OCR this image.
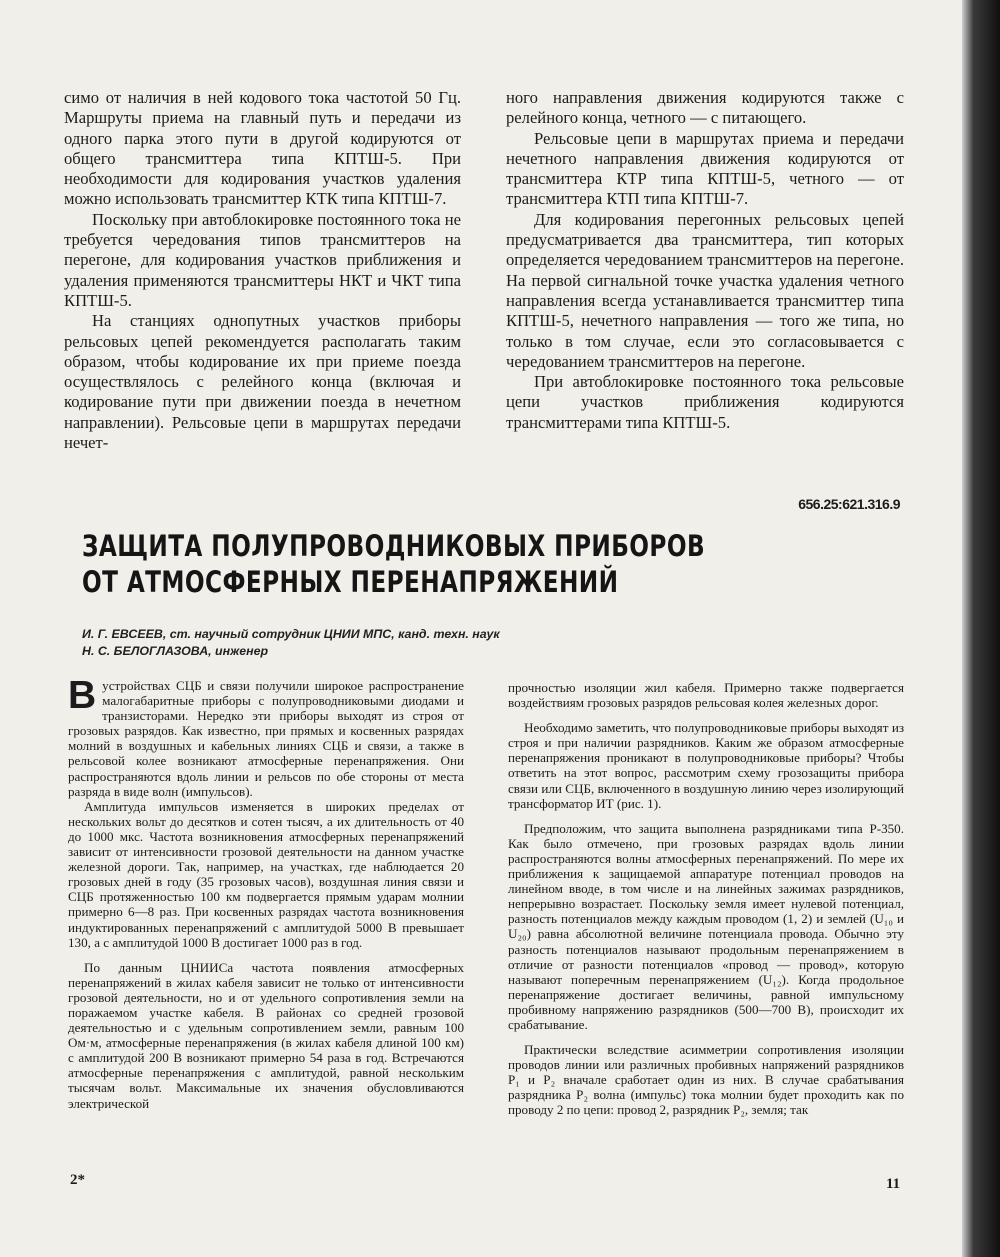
симо от наличия в ней кодового тока частотой 50 Гц. Маршруты приема на главный путь и передачи из одного парка этого пути в другой кодируются от общего трансмиттера типа КПТШ-5. При необходимости для кодирования участков удаления можно использовать трансмиттер КТК типа КПТШ-7.

Поскольку при автоблокировке постоянного тока не требуется чередования типов трансмиттеров на перегоне, для кодирования участков приближения и удаления применяются трансмиттеры НКТ и ЧКТ типа КПТШ-5.

На станциях однопутных участков приборы рельсовых цепей рекомендуется располагать таким образом, чтобы кодирование их при приеме поезда осуществлялось с релейного конца (включая и кодирование пути при движении поезда в нечетном направлении). Рельсовые цепи в маршрутах передачи нечет-

ного направления движения кодируются также с релейного конца, четного — с питающего.

Рельсовые цепи в маршрутах приема и передачи нечетного направления движения кодируются от трансмиттера КТР типа КПТШ-5, четного — от трансмиттера КТП типа КПТШ-7.

Для кодирования перегонных рельсовых цепей предусматривается два трансмиттера, тип которых определяется чередованием трансмиттеров на перегоне. На первой сигнальной точке участка удаления четного направления всегда устанавливается трансмиттер типа КПТШ-5, нечетного направления — того же типа, но только в том случае, если это согласовывается с чередованием трансмиттеров на перегоне.

При автоблокировке постоянного тока рельсовые цепи участков приближения кодируются трансмиттерами типа КПТШ-5.

656.25:621.316.9
ЗАЩИТА ПОЛУПРОВОДНИКОВЫХ ПРИБОРОВ
ОТ АТМОСФЕРНЫХ ПЕРЕНАПРЯЖЕНИЙ
И. Г. ЕВСЕЕВ, ст. научный сотрудник ЦНИИ МПС, канд. техн. наук
Н. С. БЕЛОГЛАЗОВА, инженер

Вустройствах СЦБ и связи получили широкое распространение малогабаритные приборы с полупроводниковыми диодами и транзисторами. Нередко эти приборы выходят из строя от грозовых разрядов. Как известно, при прямых и косвенных разрядах молний в воздушных и кабельных линиях СЦБ и связи, а также в рельсовой колее возникают атмосферные перенапряжения. Они распространяются вдоль линии и рельсов по обе стороны от места разряда в виде волн (импульсов).

Амплитуда импульсов изменяется в широких пределах от нескольких вольт до десятков и сотен тысяч, а их длительность от 40 до 1000 мкс. Частота возникновения атмосферных перенапряжений зависит от интенсивности грозовой деятельности на данном участке железной дороги. Так, например, на участках, где наблюдается 20 грозовых дней в году (35 грозовых часов), воздушная линия связи и СЦБ протяженностью 100 км подвергается прямым ударам молнии примерно 6—8 раз. При косвенных разрядах частота возникновения индуктированных перенапряжений с амплитудой 5000 В превышает 130, а с амплитудой 1000 В достигает 1000 раз в год.

По данным ЦНИИСа частота появления атмосферных перенапряжений в жилах кабеля зависит не только от интенсивности грозовой деятельности, но и от удельного сопротивления земли на поражаемом участке кабеля. В районах со средней грозовой деятельностью и с удельным сопротивлением земли, равным 100 Ом·м, атмосферные перенапряжения (в жилах кабеля длиной 100 км) с амплитудой 200 В возникают примерно 54 раза в год. Встречаются атмосферные перенапряжения с амплитудой, равной нескольким тысячам вольт. Максимальные их значения обусловливаются электрической

прочностью изоляции жил кабеля. Примерно также подвергается воздействиям грозовых разрядов рельсовая колея железных дорог.

Необходимо заметить, что полупроводниковые приборы выходят из строя и при наличии разрядников. Каким же образом атмосферные перенапряжения проникают в полупроводниковые приборы? Чтобы ответить на этот вопрос, рассмотрим схему грозозащиты прибора связи или СЦБ, включенного в воздушную линию через изолирующий трансформатор ИТ (рис. 1).

Предположим, что защита выполнена разрядниками типа Р-350. Как было отмечено, при грозовых разрядах вдоль линии распространяются волны атмосферных перенапряжений. По мере их приближения к защищаемой аппаратуре потенциал проводов на линейном вводе, в том числе и на линейных зажимах разрядников, непрерывно возрастает. Поскольку земля имеет нулевой потенциал, разность потенциалов между каждым проводом (1, 2) и землей (U₁₀ и U₂₀) равна абсолютной величине потенциала провода. Обычно эту разность потенциалов называют продольным перенапряжением в отличие от разности потенциалов «провод — провод», которую называют поперечным перенапряжением (U₁₂). Когда продольное перенапряжение достигает величины, равной импульсному пробивному напряжению разрядников (500—700 В), происходит их срабатывание.

Практически вследствие асимметрии сопротивления изоляции проводов линии или различных пробивных напряжений разрядников P₁ и P₂ вначале сработает один из них. В случае срабатывания разрядника P₂ волна (импульс) тока молнии будет проходить как по проводу 2 по цепи: провод 2, разрядник P₂, земля; так

2*	11
